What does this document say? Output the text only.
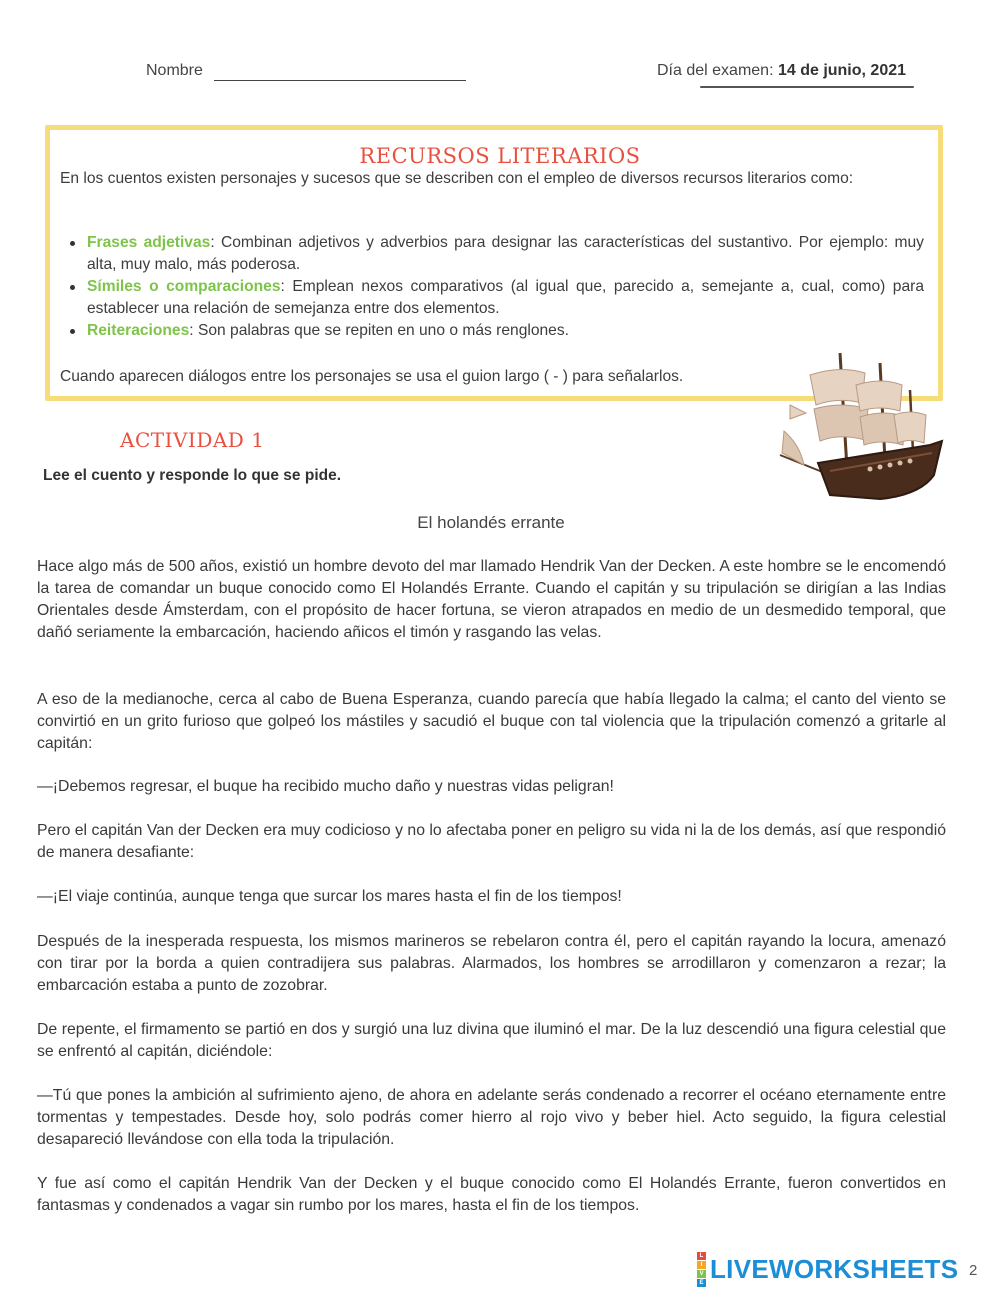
Nombre	Día del examen: 14 de junio, 2021
RECURSOS LITERARIOS
En los cuentos existen personajes y sucesos que se describen con el empleo de diversos recursos literarios como:
Frases adjetivas: Combinan adjetivos y adverbios para designar las características del sustantivo. Por ejemplo: muy alta, muy malo, más poderosa.
Símiles o comparaciones: Emplean nexos comparativos (al igual que, parecido a, semejante a, cual, como) para establecer una relación de semejanza entre dos elementos.
Reiteraciones: Son palabras que se repiten en uno o más renglones.
Cuando aparecen diálogos entre los personajes se usa el guion largo ( - ) para señalarlos.
ACTIVIDAD 1
Lee el cuento y responde lo que se pide.
El holandés errante
Hace algo más de 500 años, existió un hombre devoto del mar llamado Hendrik Van der Decken. A este hombre se le encomendó la tarea de comandar un buque conocido como El Holandés Errante. Cuando el capitán y su tripulación se dirigían a las Indias Orientales desde Ámsterdam, con el propósito de hacer fortuna, se vieron atrapados en medio de un desmedido temporal, que dañó seriamente la embarcación, haciendo añicos el timón y rasgando las velas.
A eso de la medianoche, cerca al cabo de Buena Esperanza, cuando parecía que había llegado la calma; el canto del viento se convirtió en un grito furioso que golpeó los mástiles y sacudió el buque con tal violencia que la tripulación comenzó a gritarle al capitán:
—¡Debemos regresar, el buque ha recibido mucho daño y nuestras vidas peligran!
Pero el capitán Van der Decken era muy codicioso y no lo afectaba poner en peligro su vida ni la de los demás, así que respondió de manera desafiante:
—¡El viaje continúa, aunque tenga que surcar los mares hasta el fin de los tiempos!
Después de la inesperada respuesta, los mismos marineros se rebelaron contra él, pero el capitán rayando la locura, amenazó con tirar por la borda a quien contradijera sus palabras. Alarmados, los hombres se arrodillaron y comenzaron a rezar; la embarcación estaba a punto de zozobrar.
De repente, el firmamento se partió en dos y surgió una luz divina que iluminó el mar. De la luz descendió una figura celestial que se enfrentó al capitán, diciéndole:
—Tú que pones la ambición al sufrimiento ajeno, de ahora en adelante serás condenado a recorrer el océano eternamente entre tormentas y tempestades. Desde hoy, solo podrás comer hierro al rojo vivo y beber hiel. Acto seguido, la figura celestial desapareció llevándose con ella toda la tripulación.
Y fue así como el capitán Hendrik Van der Decken y el buque conocido como El Holandés Errante, fueron convertidos en fantasmas y condenados a vagar sin rumbo por los mares, hasta el fin de los tiempos.
L
I
V
E LIVEWORKSHEETS 2
